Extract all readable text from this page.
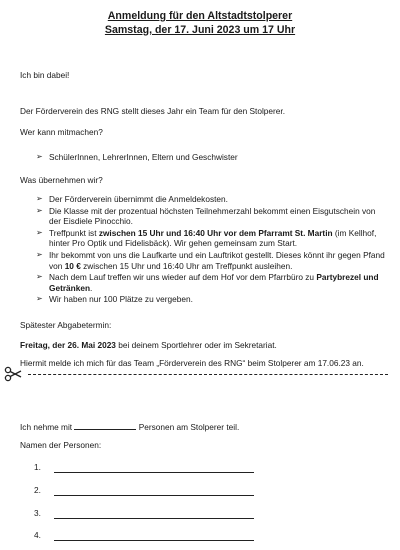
Anmeldung für den Altstadtstolperer
Samstag, der 17. Juni 2023 um 17 Uhr

Ich bin dabei!

Der Förderverein des RNG stellt dieses Jahr ein Team für den Stolperer.

Wer kann mitmachen?

➢ SchülerInnen, LehrerInnen, Eltern und Geschwister

Was übernehmen wir?

➢ Der Förderverein übernimmt die Anmeldekosten.
➢ Die Klasse mit der prozentual höchsten Teilnehmerzahl bekommt einen Eisgutschein von der Eisdiele Pinocchio.
➢ Treffpunkt ist zwischen 15 Uhr und 16:40 Uhr vor dem Pfarramt St. Martin (im Kellhof, hinter Pro Optik und Fidelisbäck). Wir gehen gemeinsam zum Start.
➢ Ihr bekommt von uns die Laufkarte und ein Lauftrikot gestellt. Dieses könnt ihr gegen Pfand von 10 € zwischen 15 Uhr und 16:40 Uhr am Treffpunkt ausleihen.
➢ Nach dem Lauf treffen wir uns wieder auf dem Hof vor dem Pfarrbüro zu Partybrezel und Getränken.
➢ Wir haben nur 100 Plätze zu vergeben.

Spätester Abgabetermin:

Freitag, der 26. Mai 2023 bei deinem Sportlehrer oder im Sekretariat.

Hiermit melde ich mich für das Team „Förderverein des RNG“ beim Stolperer am 17.06.23 an.

Ich nehme mit	Personen am Stolperer teil.

Namen der Personen:

1.
2.
3.
4.
